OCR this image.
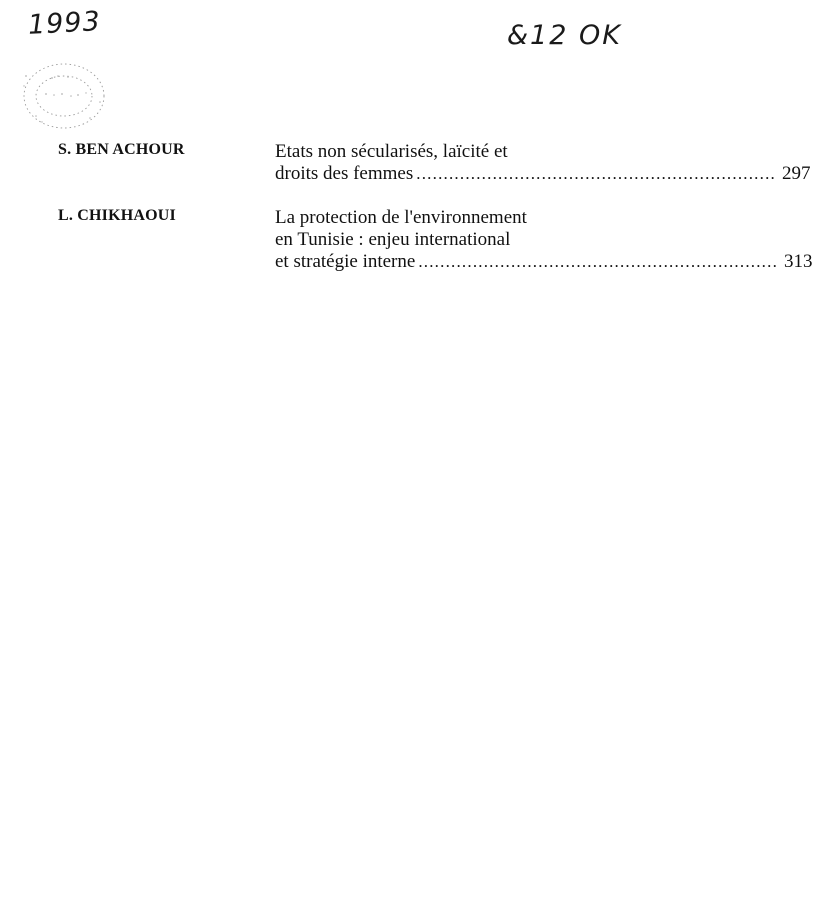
1993	&12 OK
S. BEN ACHOUR	Etats non sécularisés, laïcité et
droits des femmes .................................................................. 297
L. CHIKHAOUI	La protection de l'environnement
en Tunisie : enjeu international
et stratégie interne .................................................................. 313
